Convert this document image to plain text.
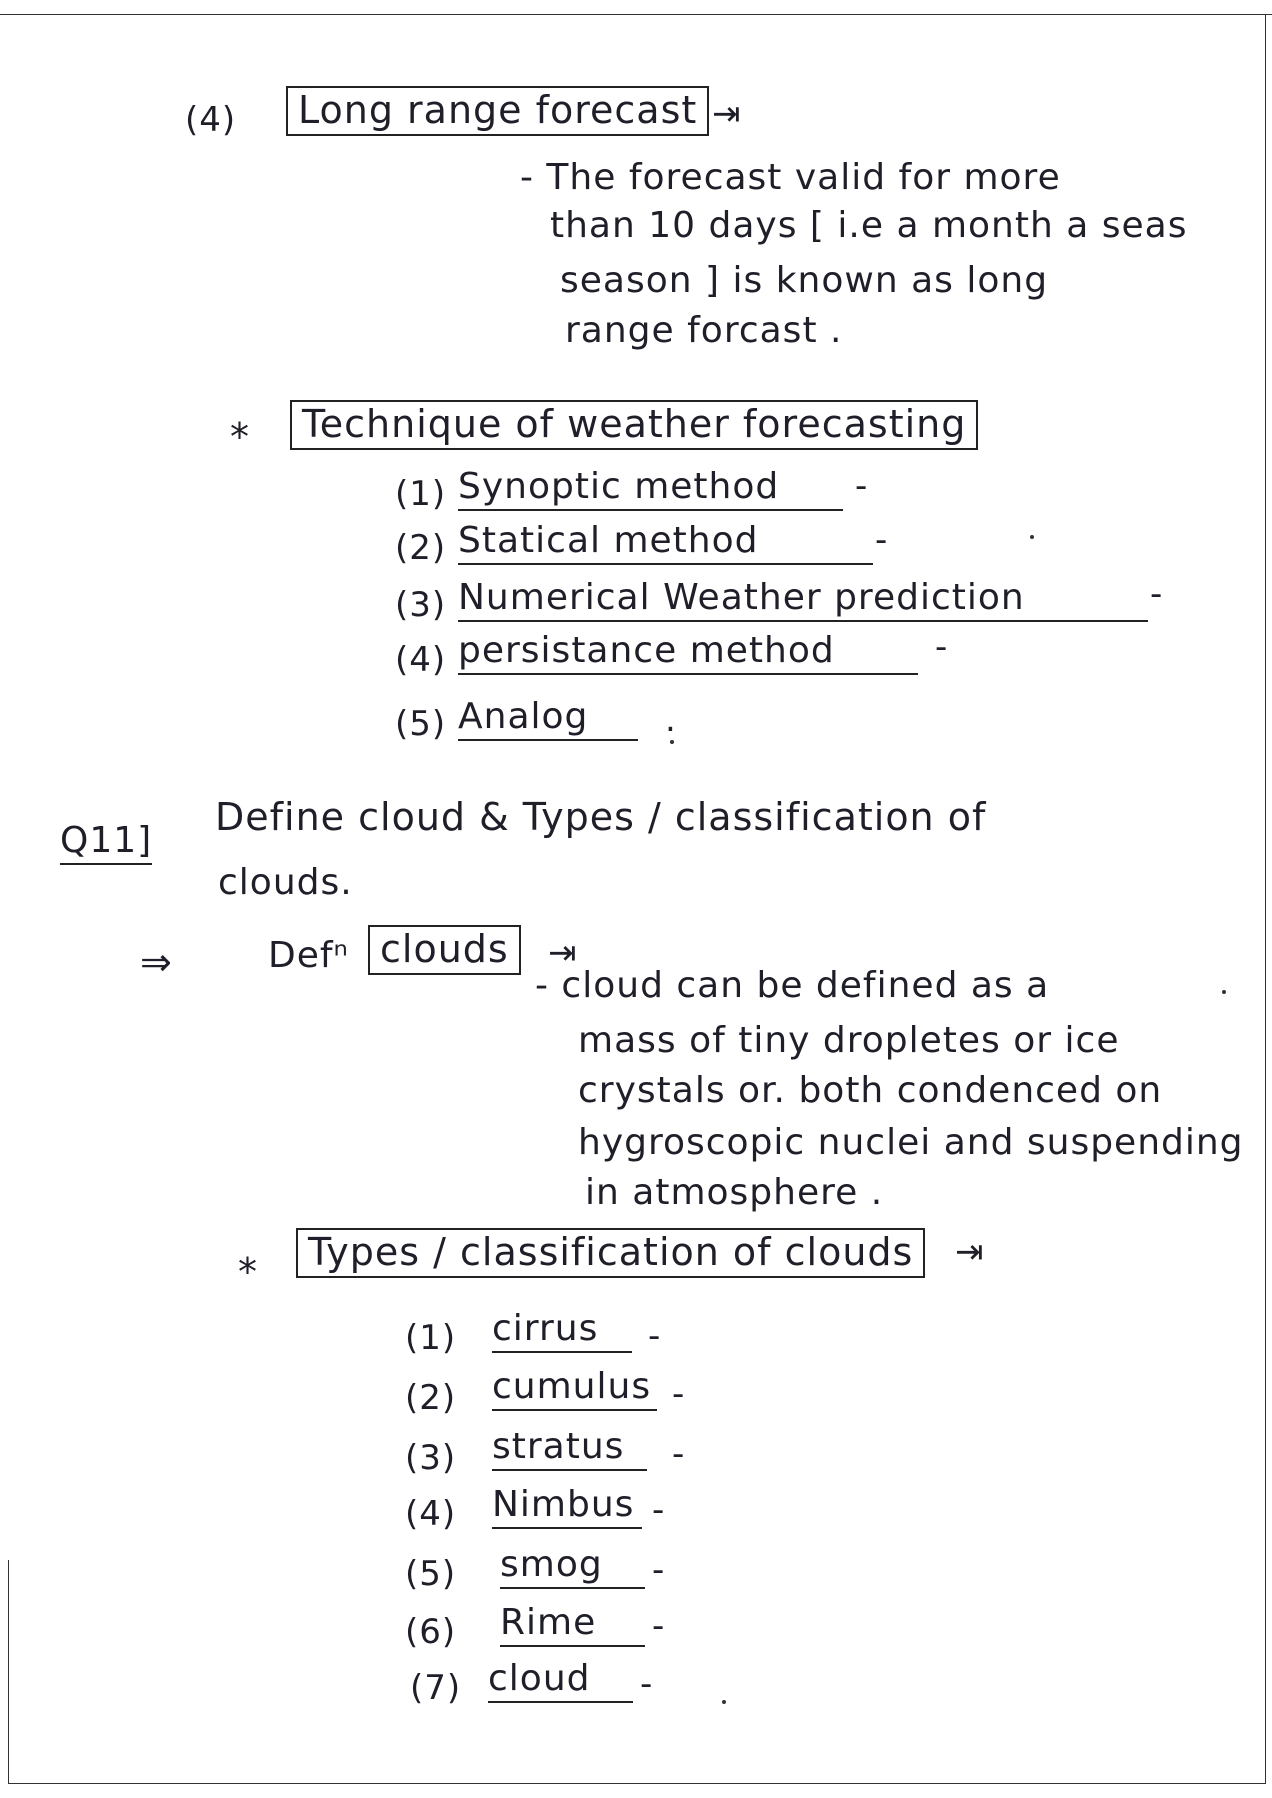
(4)	Long range forecast ⇥
- The forecast valid for more
than 10 days [ i.e a month a seas
season ] is known as long
range forcast .
*	Technique of weather forecasting
(1) Synoptic method	-
(2) Statical method	-
(3) Numerical Weather prediction	-
(4) persistance method	-
(5) Analog	.
Q11]
Define cloud & Types / classification of
clouds.
⇒	Defⁿ clouds	⇥
- cloud can be defined as a
mass of tiny dropletes or ice
crystals or. both condenced on
hygroscopic nuclei and suspending
in atmosphere .
*	Types / classification of clouds	⇥
(1) cirrus	-
(2) cumulus -
(3) stratus	-
(4) Nimbus -
(5) smog	-
(6) Rime	-
(7) cloud	-
